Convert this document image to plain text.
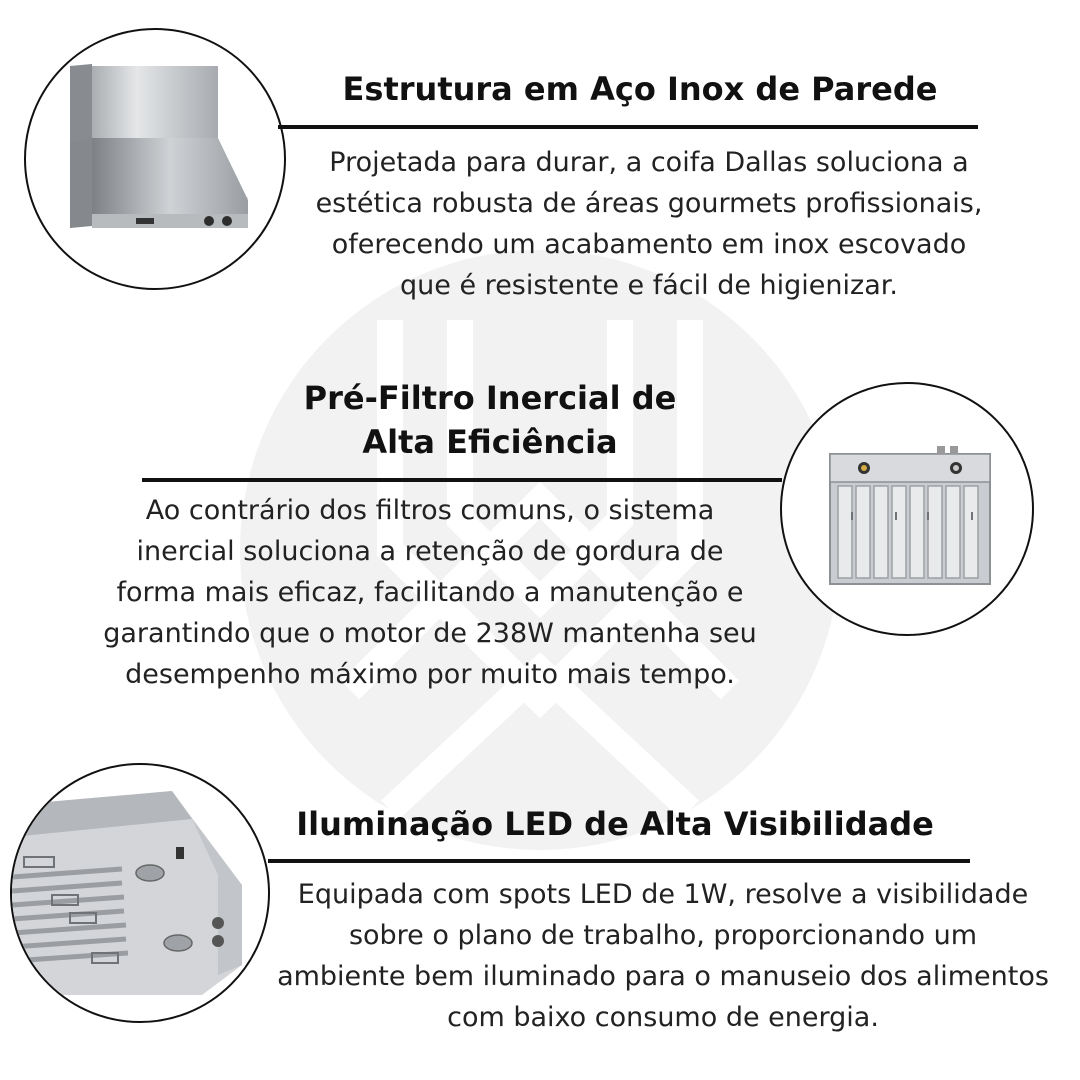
Estrutura em Aço Inox de Parede
Projetada para durar, a coifa Dallas soluciona a
estética robusta de áreas gourmets profissionais,
oferecendo um acabamento em inox escovado
que é resistente e fácil de higienizar.
Pré-Filtro Inercial de
Alta Eficiência
Ao contrário dos filtros comuns, o sistema
inercial soluciona a retenção de gordura de
forma mais eficaz, facilitando a manutenção e
garantindo que o motor de 238W mantenha seu
desempenho máximo por muito mais tempo.
Iluminação LED de Alta Visibilidade
Equipada com spots LED de 1W, resolve a visibilidade
sobre o plano de trabalho, proporcionando um
ambiente bem iluminado para o manuseio dos alimentos
com baixo consumo de energia.
